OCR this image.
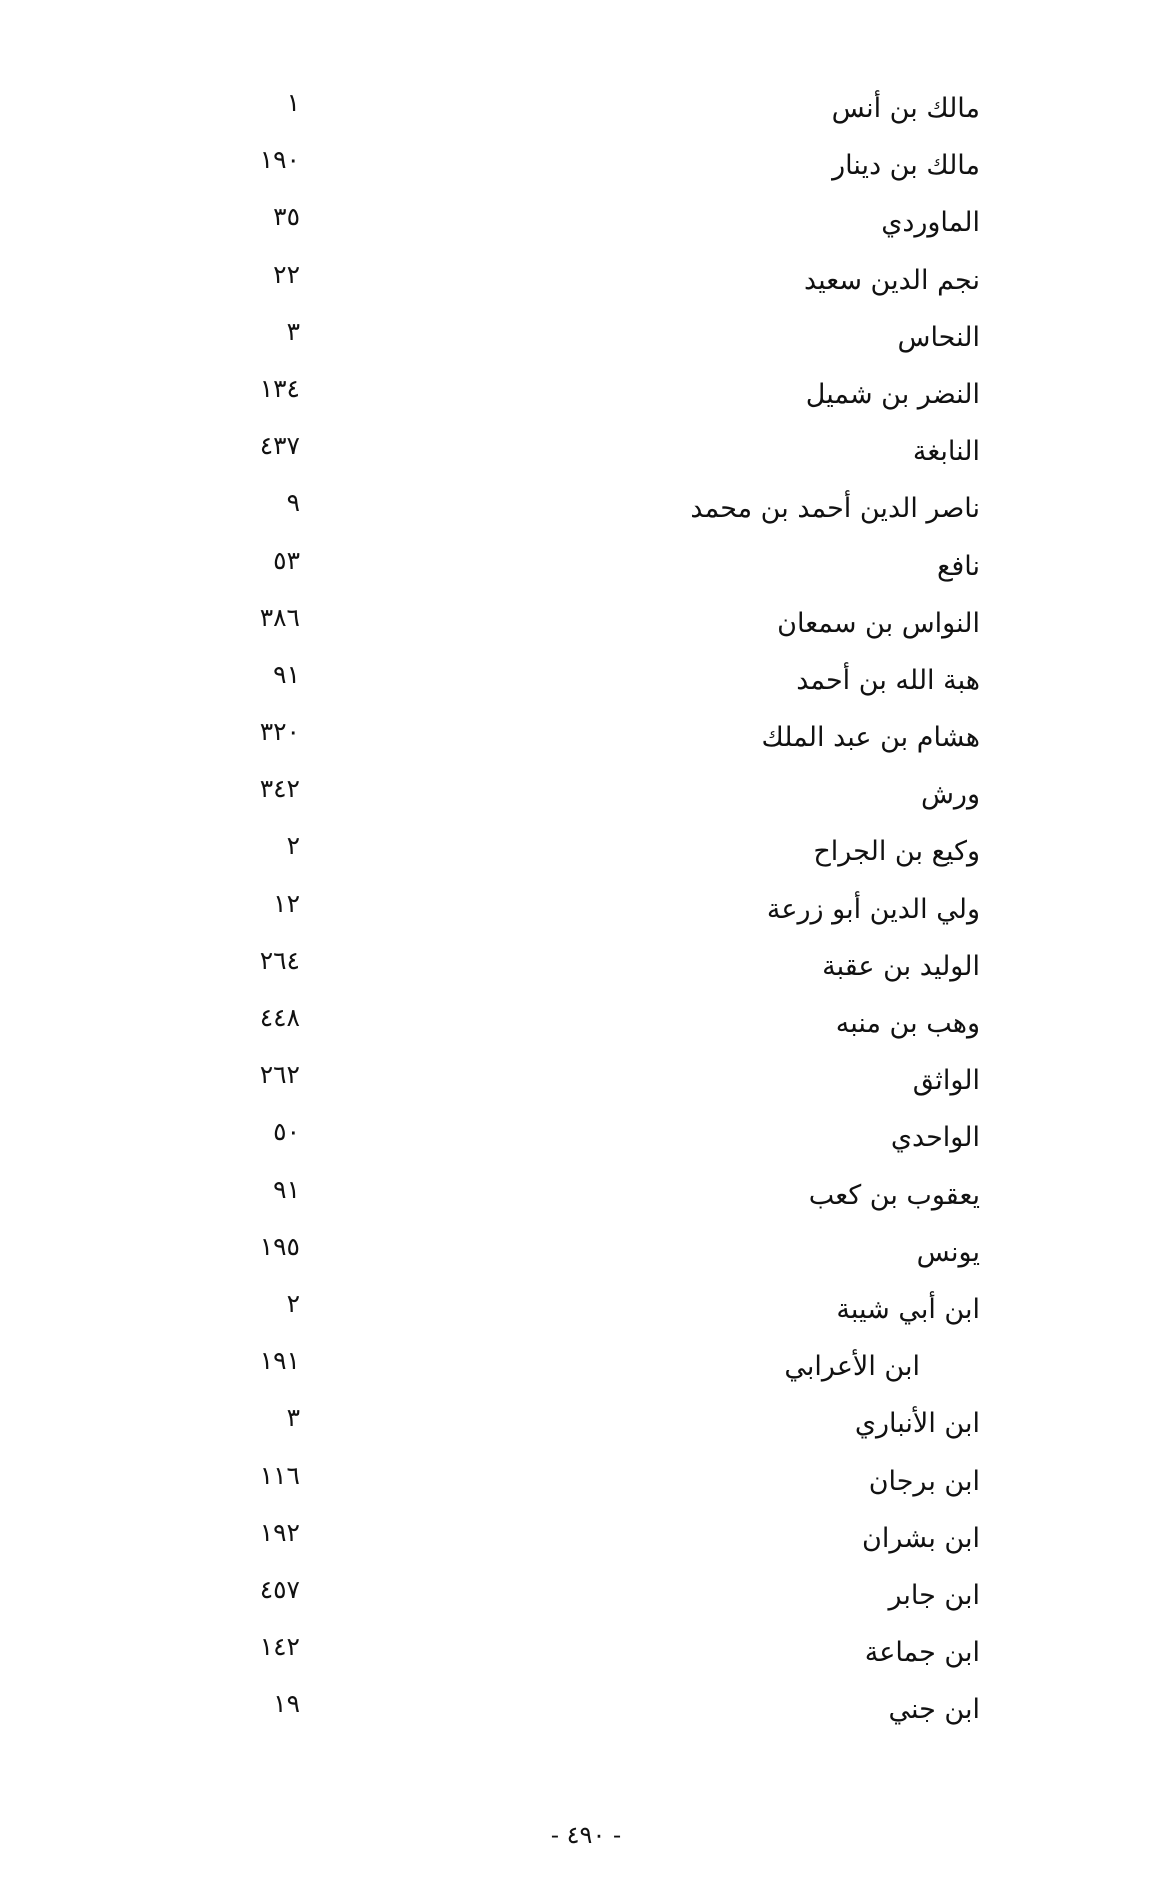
مالك بن أنس
١
مالك بن دينار
١٩٠
الماوردي
٣٥
نجم الدين سعيد
٢٢
النحاس
٣
النضر بن شميل
١٣٤
النابغة
٤٣٧
ناصر الدين أحمد بن محمد
٩
نافع
٥٣
النواس بن سمعان
٣٨٦
هبة الله بن أحمد
٩١
هشام بن عبد الملك
٣٢٠
ورش
٣٤٢
وكيع بن الجراح
٢
ولي الدين أبو زرعة
١٢
الوليد بن عقبة
٢٦٤
وهب بن منبه
٤٤٨
الواثق
٢٦٢
الواحدي
٥٠
يعقوب بن كعب
٩١
يونس
١٩٥
ابن أبي شيبة
٢
ابن الأعرابي
١٩١
ابن الأنباري
٣
ابن برجان
١١٦
ابن بشران
١٩٢
ابن جابر
٤٥٧
ابن جماعة
١٤٢
ابن جني
١٩
- ٤٩٠ -
